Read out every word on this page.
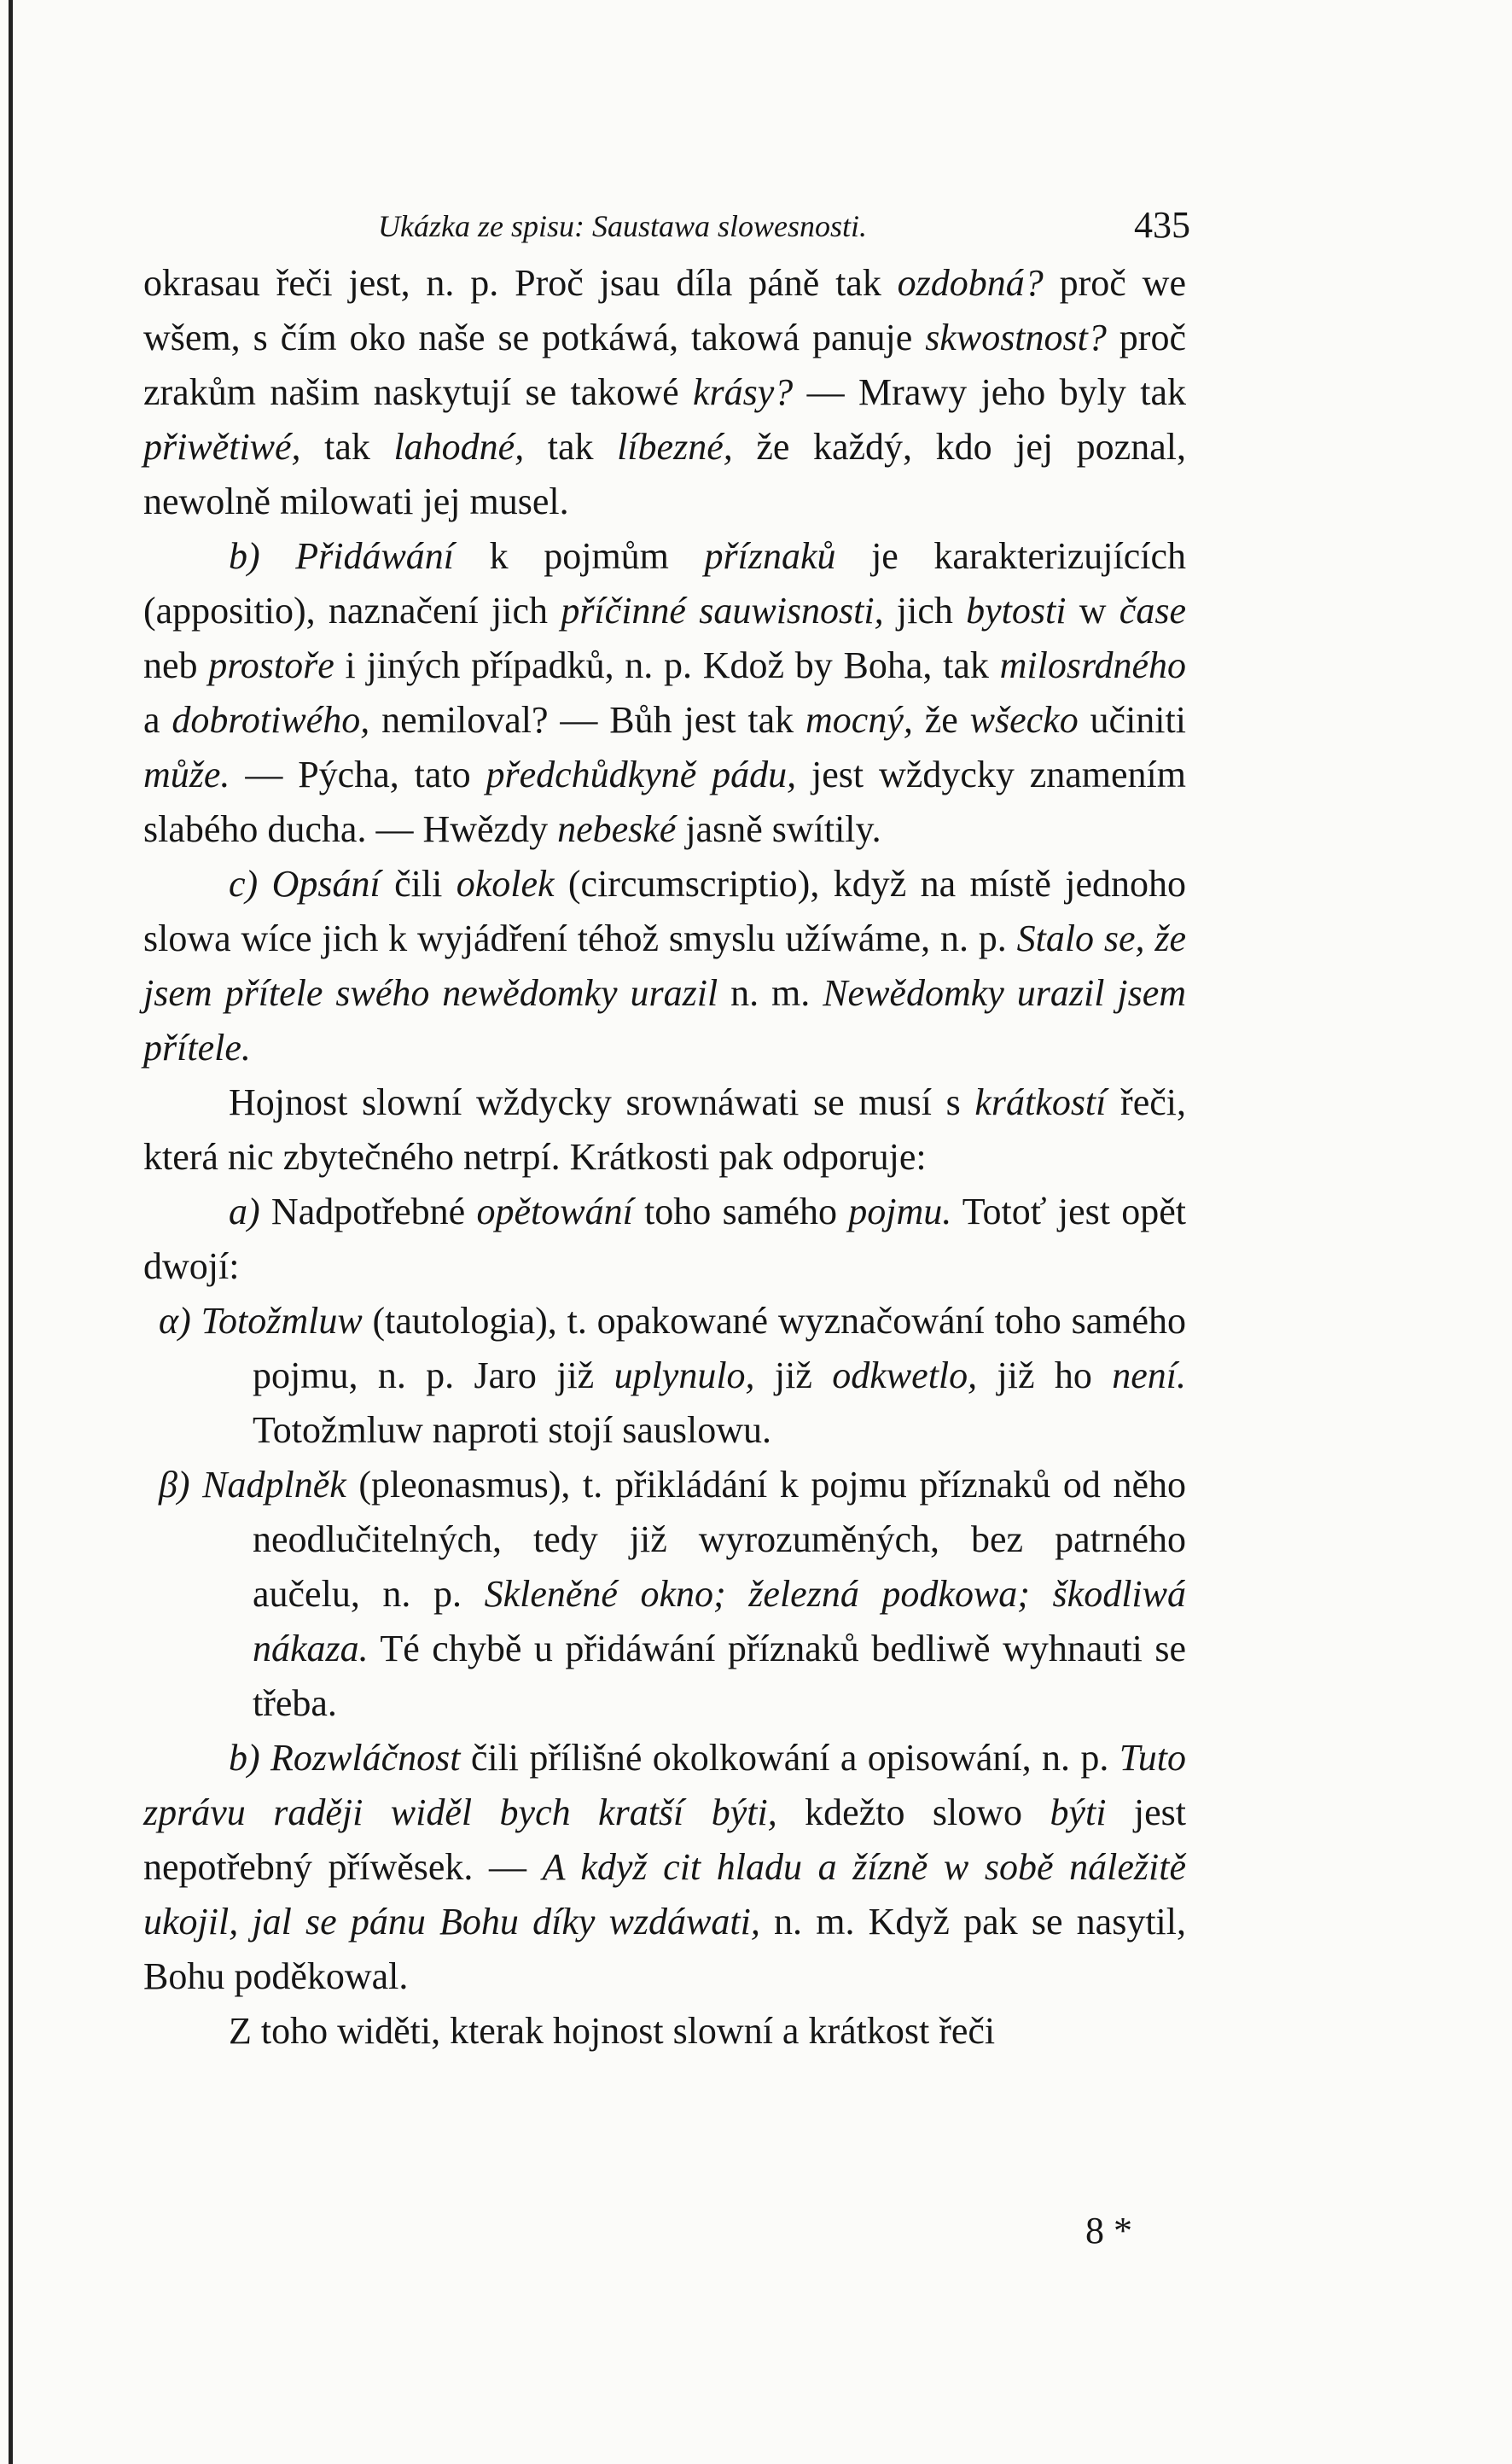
Ukázka ze spisu: Saustawa slowesnosti.	435

okrasau řeči jest, n. p. Proč jsau díla páně tak ozdobná? proč we wšem, s čím oko naše se potkáwá, takowá panuje skwostnost? proč zrakům našim naskytují se takowé krásy? — Mrawy jeho byly tak přiwětiwé, tak lahodné, tak líbezné, že každý, kdo jej poznal, newolně milowati jej musel.

b) Přidáwání k pojmům příznaků je karakterizujících (appositio), naznačení jich příčinné sauwisnosti, jich bytosti w čase neb prostoře i jiných případků, n. p. Kdož by Boha, tak milosrdného a dobrotiwého, nemiloval? — Bůh jest tak mocný, že wšecko učiniti může. — Pýcha, tato předchůdkyně pádu, jest wždycky znamením slabého ducha. — Hwězdy nebeské jasně swítily.

c) Opsání čili okolek (circumscriptio), když na místě jednoho slowa wíce jich k wyjádření téhož smyslu užíwáme, n. p. Stalo se, že jsem přítele swého newědomky urazil n. m. Newědomky urazil jsem přítele.

Hojnost slowní wždycky srownáwati se musí s krátkostí řeči, která nic zbytečného netrpí. Krátkosti pak odporuje:

a) Nadpotřebné opětowání toho samého pojmu. Totoť jest opět dwojí:

α) Totožmluw (tautologia), t. opakowané wyznačowání toho samého pojmu, n. p. Jaro již uplynulo, již odkwetlo, již ho není. Totožmluw naproti stojí sauslowu.

β) Nadplněk (pleonasmus), t. přikládání k pojmu příznaků od něho neodlučitelných, tedy již wyrozuměných, bez patrného aučelu, n. p. Skleněné okno; železná podkowa; škodliwá nákaza. Té chybě u přidáwání příznaků bedliwě wyhnauti se třeba.

b) Rozwláčnost čili přílišné okolkowání a opisowání, n. p. Tuto zprávu raději widěl bych kratší býti, kdežto slowo býti jest nepotřebný příwěsek. — A když cit hladu a žízně w sobě náležitě ukojil, jal se pánu Bohu díky wzdáwati, n. m. Když pak se nasytil, Bohu poděkowal.

Z toho widěti, kterak hojnost slowní a krátkost řeči

8 *
